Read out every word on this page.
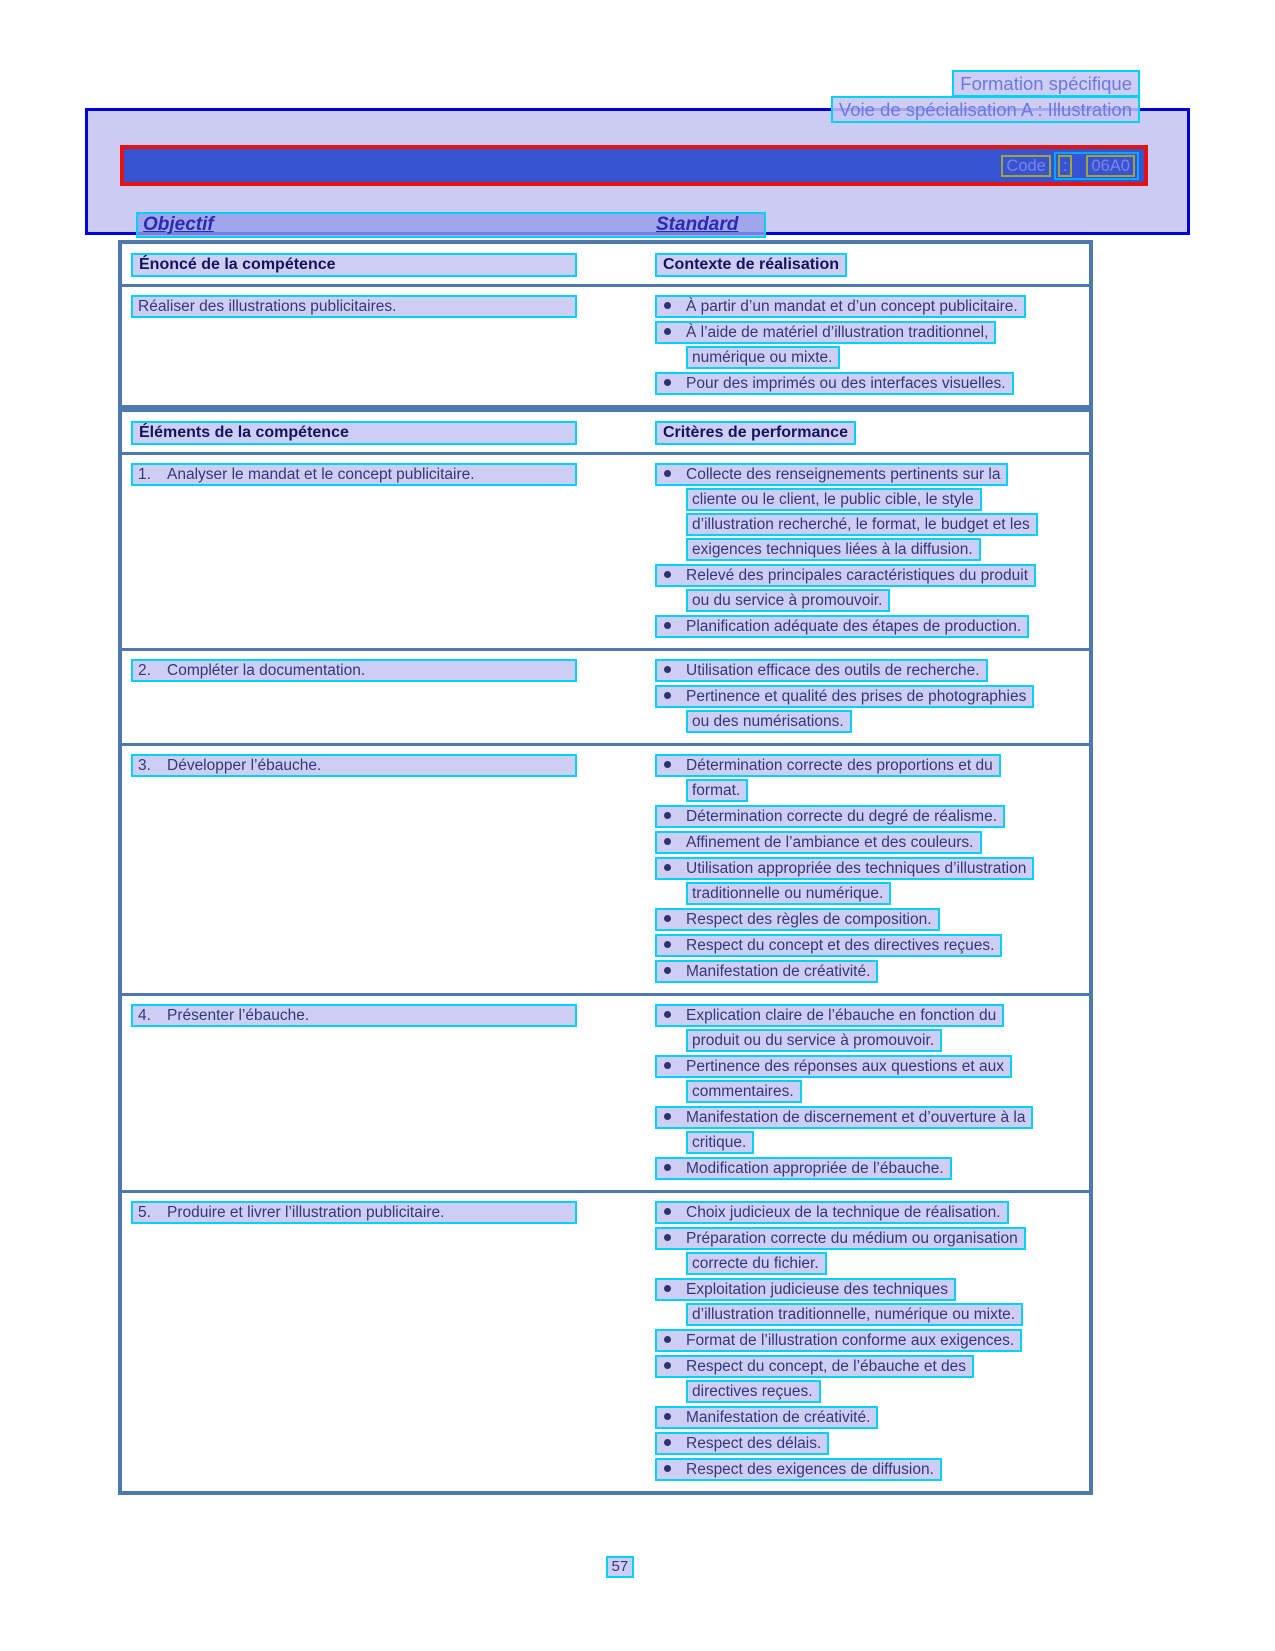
Formation spécifique
Voie de spécialisation A : Illustration
Code	:	06A0
Objectif	Standard
Énoncé de la compétence	Contexte de réalisation
Réaliser des illustrations publicitaires.	À partir d’un mandat et d’un concept publicitaire.
À l’aide de matériel d’illustration traditionnel,
numérique ou mixte.
Pour des imprimés ou des interfaces visuelles.
Éléments de la compétence	Critères de performance
1. Analyser le mandat et le concept publicitaire.	Collecte des renseignements pertinents sur la
cliente ou le client, le public cible, le style
d’illustration recherché, le format, le budget et les
exigences techniques liées à la diffusion.
Relevé des principales caractéristiques du produit
ou du service à promouvoir.
Planification adéquate des étapes de production.
2. Compléter la documentation.	Utilisation efficace des outils de recherche.
Pertinence et qualité des prises de photographies
ou des numérisations.
3. Développer l’ébauche.	Détermination correcte des proportions et du
format.
Détermination correcte du degré de réalisme.
Affinement de l’ambiance et des couleurs.
Utilisation appropriée des techniques d’illustration
traditionnelle ou numérique.
Respect des règles de composition.
Respect du concept et des directives reçues.
Manifestation de créativité.
4. Présenter l’ébauche.	Explication claire de l’ébauche en fonction du
produit ou du service à promouvoir.
Pertinence des réponses aux questions et aux
commentaires.
Manifestation de discernement et d’ouverture à la
critique.
Modification appropriée de l’ébauche.
5. Produire et livrer l’illustration publicitaire.	Choix judicieux de la technique de réalisation.
Préparation correcte du médium ou organisation
correcte du fichier.
Exploitation judicieuse des techniques
d’illustration traditionnelle, numérique ou mixte.
Format de l’illustration conforme aux exigences.
Respect du concept, de l’ébauche et des
directives reçues.
Manifestation de créativité.
Respect des délais.
Respect des exigences de diffusion.
57
